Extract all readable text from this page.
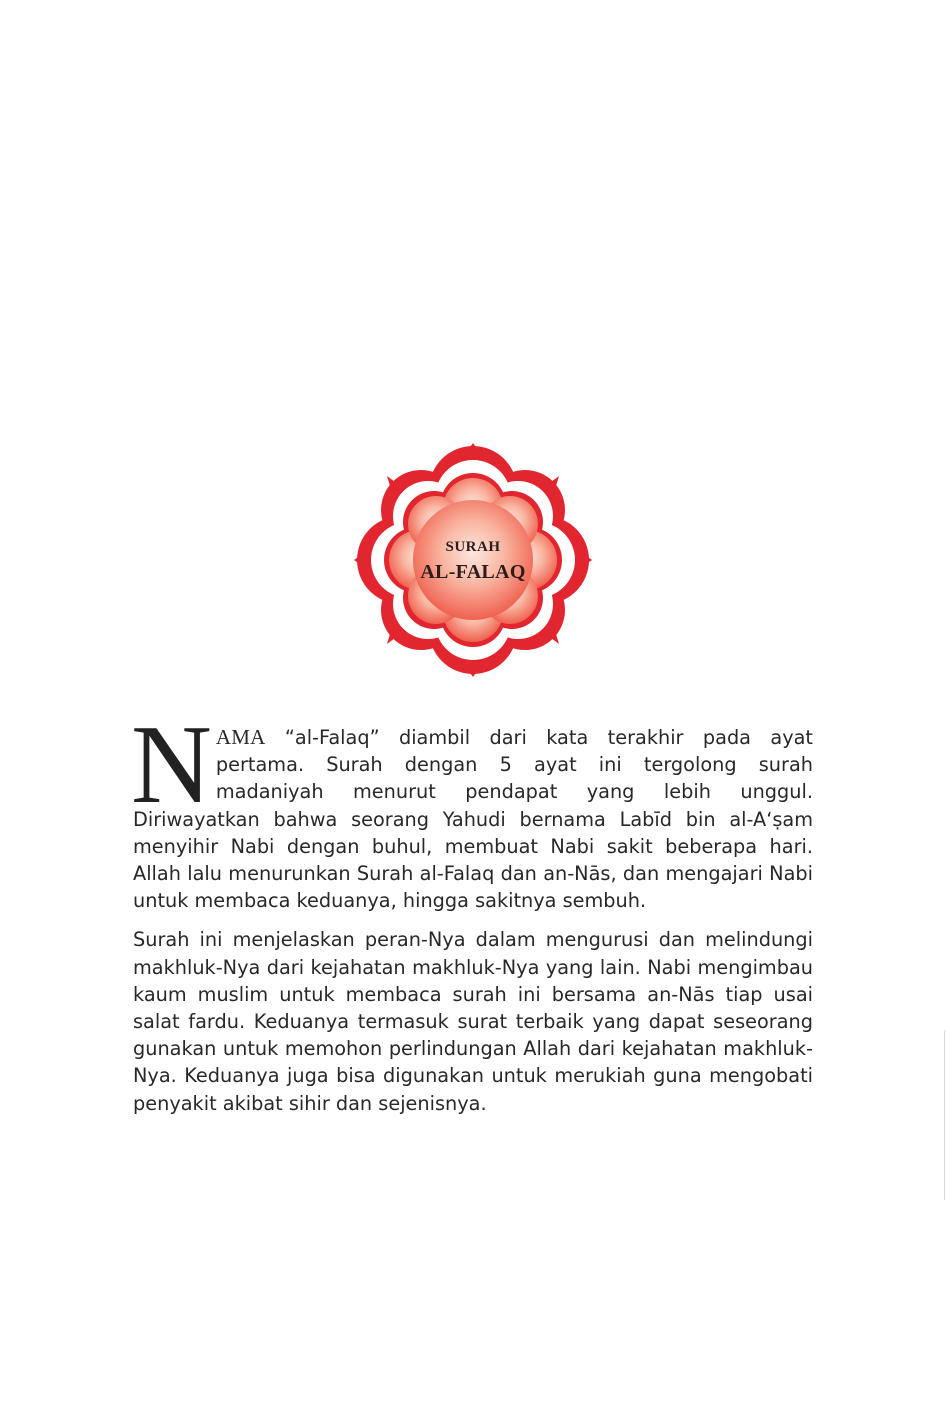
SURAH
AL-FALAQ

NAMA “al-Falaq” diambil dari kata terakhir pada ayat pertama. Surah dengan 5 ayat ini tergolong surah madaniyah menurut pendapat yang lebih unggul. Diriwayatkan bahwa seorang Yahudi bernama Labīd bin al-Aʻṣam menyihir Nabi dengan buhul, membuat Nabi sakit beberapa hari. Allah lalu menurunkan Surah al-Falaq dan an-Nās, dan mengajari Nabi untuk membaca keduanya, hingga sakitnya sembuh.

Surah ini menjelaskan peran-Nya dalam mengurusi dan melindungi makhluk-Nya dari kejahatan makhluk-Nya yang lain. Nabi mengimbau kaum muslim untuk membaca surah ini bersama an-Nās tiap usai salat fardu. Keduanya termasuk surat terbaik yang dapat seseorang gunakan untuk memohon perlindungan Allah dari kejahatan makhluk-Nya. Keduanya juga bisa digunakan untuk merukiah guna mengobati penyakit akibat sihir dan sejenisnya.
